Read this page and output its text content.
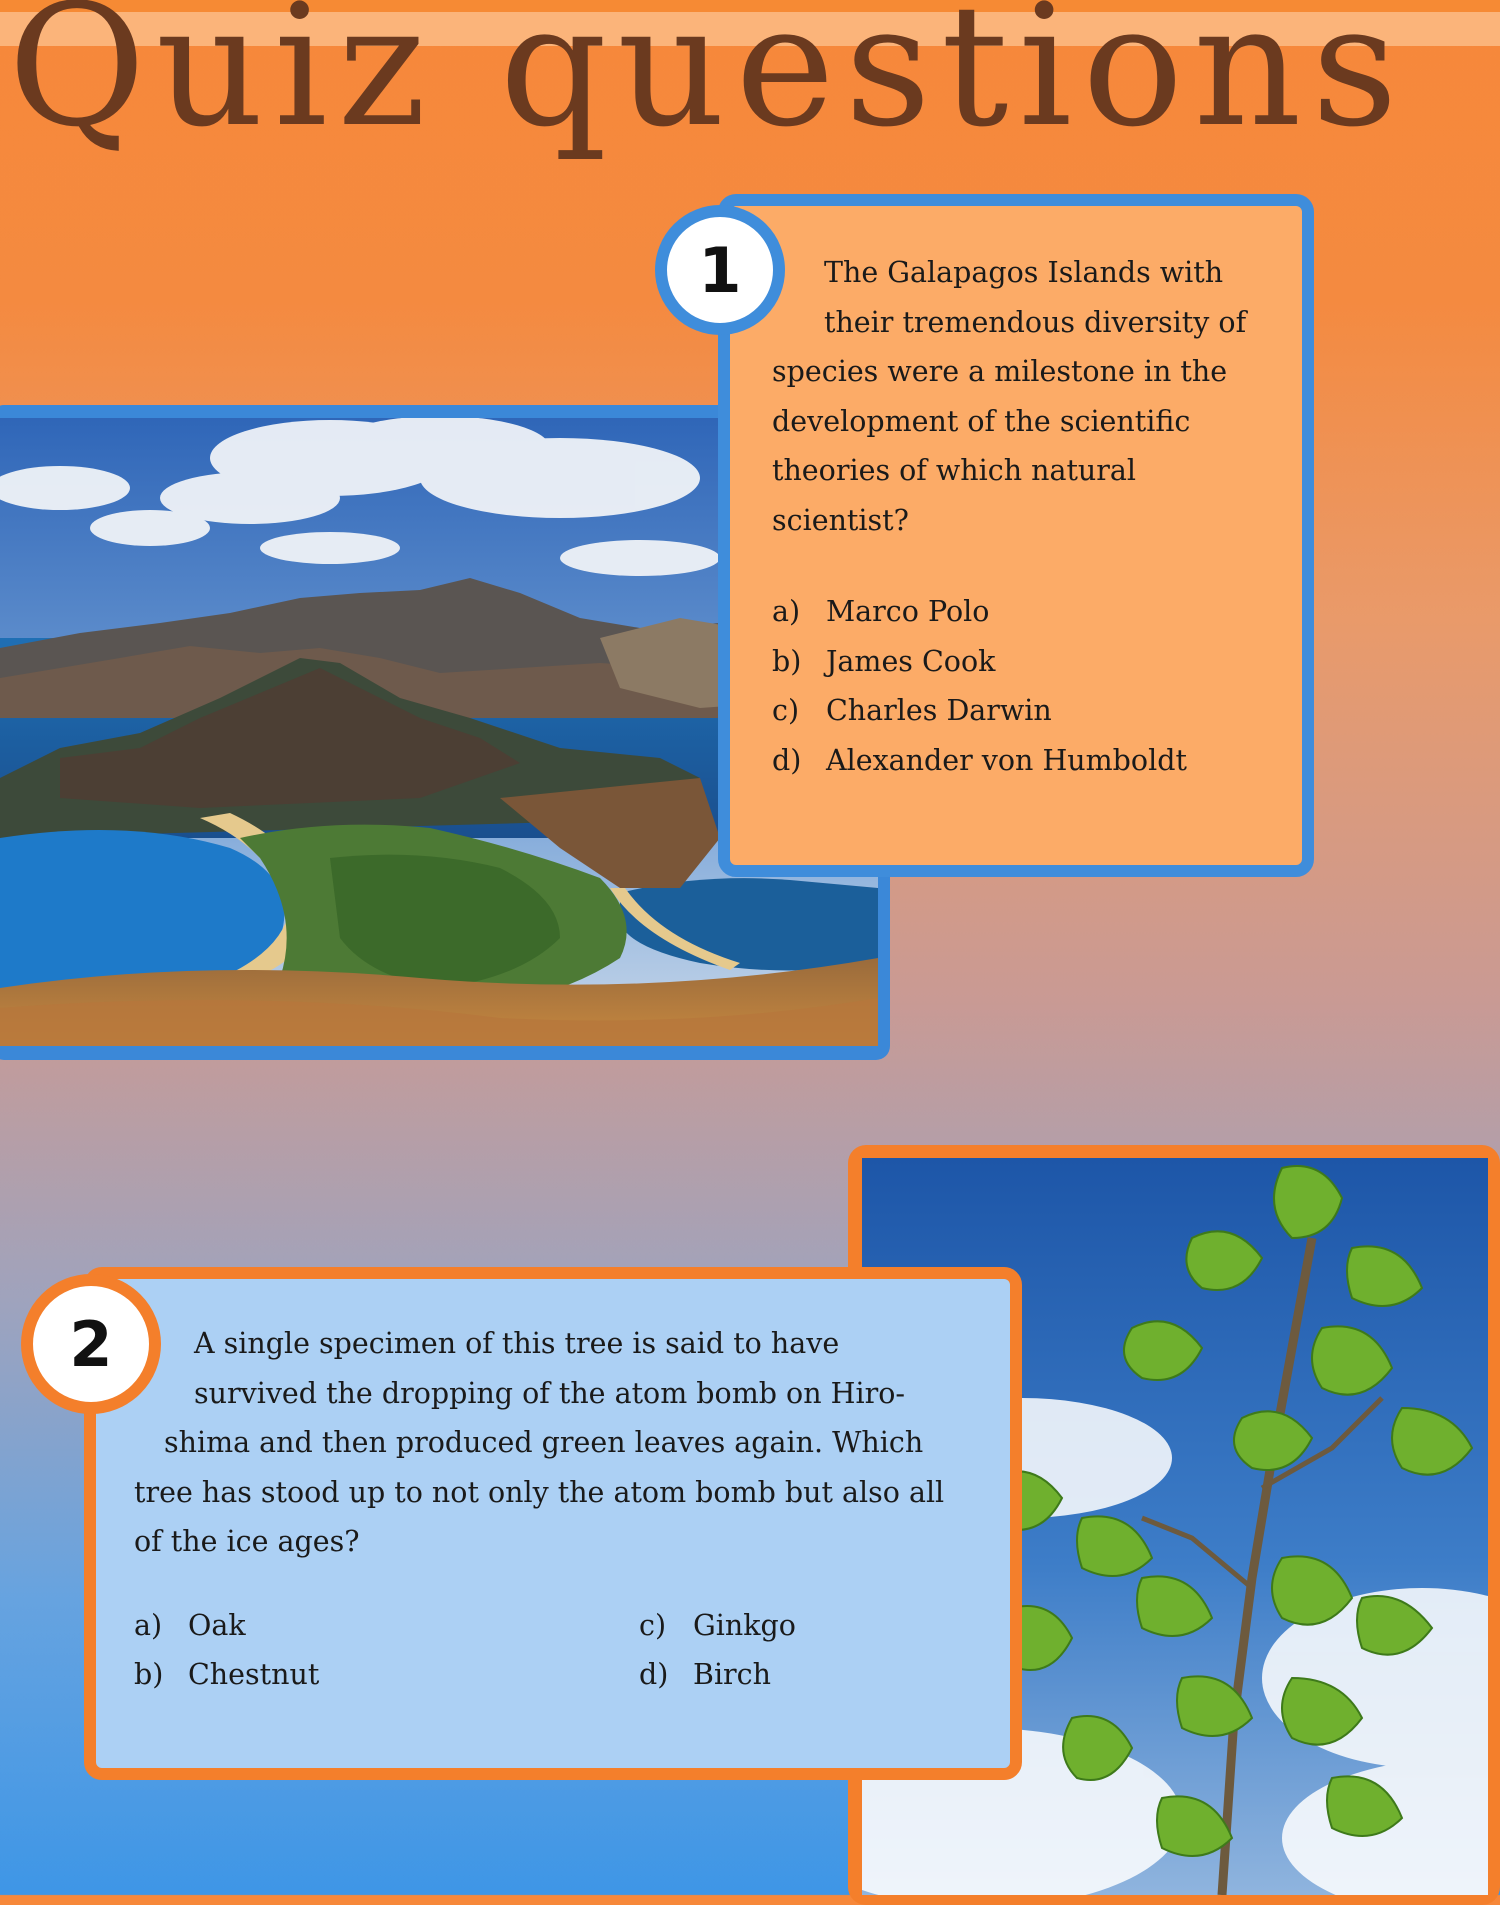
Quiz questions

The Galapagos Islands with their tremendous diversity of species were a milestone in the development of the scientific theories of which natural scientist?

a) Marco Polo
b) James Cook
c) Charles Darwin
d) Alexander von Humboldt
1

A single specimen of this tree is said to have survived the dropping of the atom bomb on Hiro-shima and then produced green leaves again. Which tree has stood up to not only the atom bomb but also all of the ice ages?

a) Oak
b) Chestnut
c) Ginkgo
d) Birch
2
